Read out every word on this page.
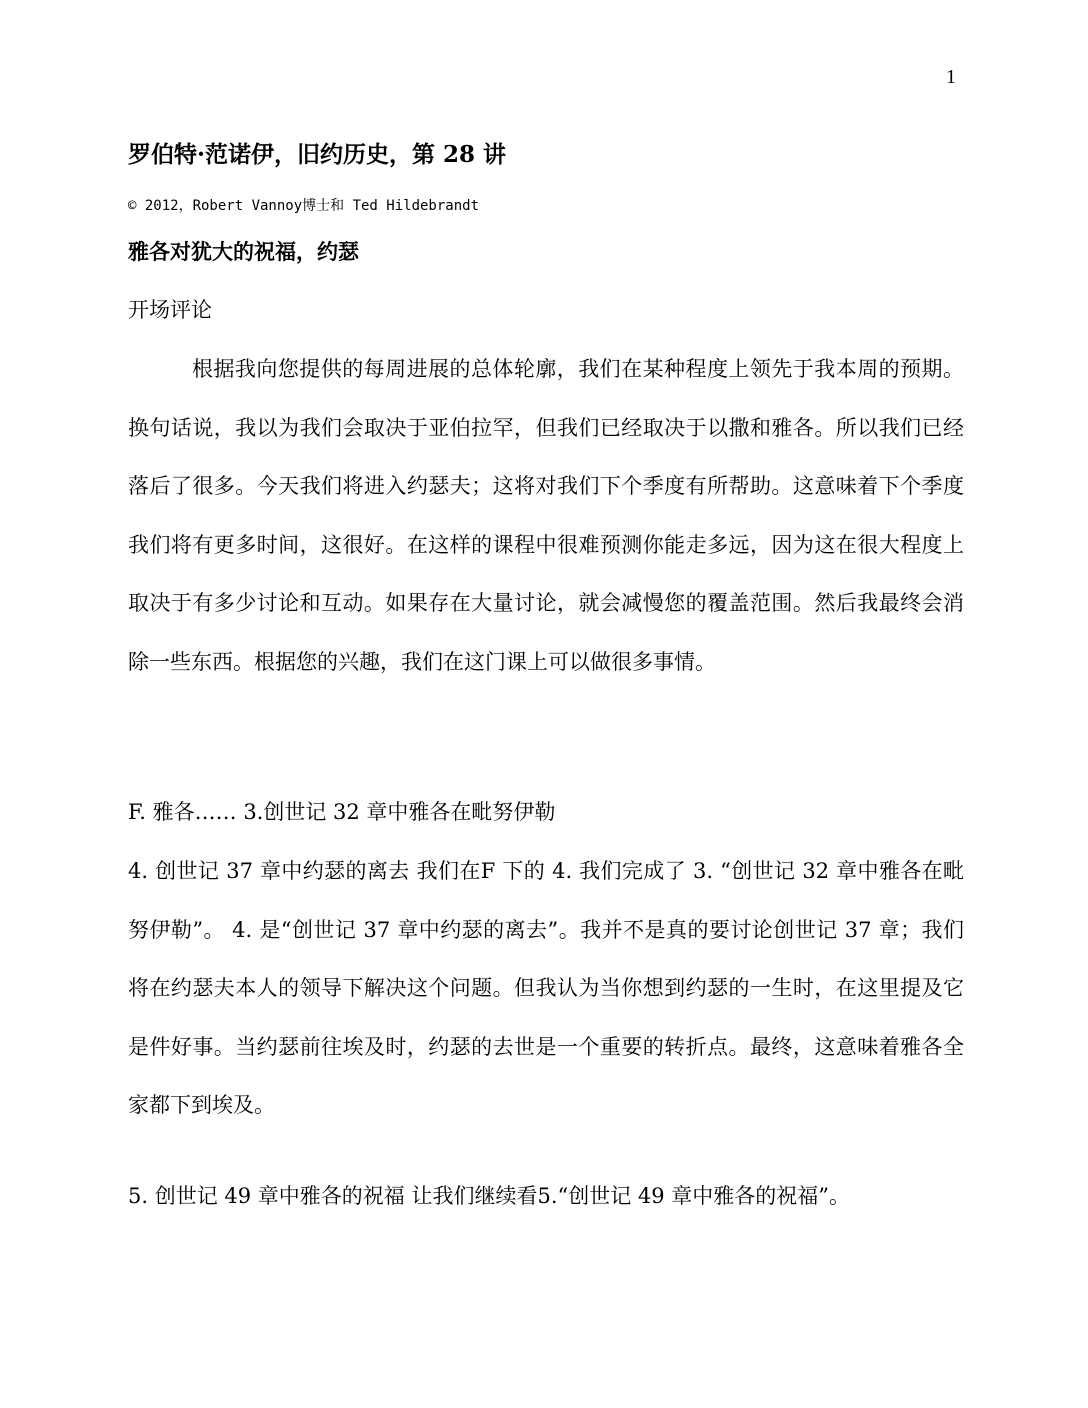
1
罗伯特·范诺伊，旧约历史，第 28 讲
© 2012，Robert Vannoy博士和 Ted Hildebrandt
雅各对犹大的祝福，约瑟
开场评论

根据我向您提供的每周进展的总体轮廓，我们在某种程度上领先于我本周的预期。换句话说，我以为我们会取决于亚伯拉罕，但我们已经取决于以撒和雅各。所以我们已经落后了很多。今天我们将进入约瑟夫；这将对我们下个季度有所帮助。这意味着下个季度我们将有更多时间，这很好。在这样的课程中很难预测你能走多远，因为这在很大程度上取决于有多少讨论和互动。如果存在大量讨论，就会减慢您的覆盖范围。然后我最终会消除一些东西。根据您的兴趣，我们在这门课上可以做很多事情。

F. 雅各…… 3.创世记 32 章中雅各在毗努伊勒

4. 创世记 37 章中约瑟的离去 我们在F 下的 4. 我们完成了 3. “创世记 32 章中雅各在毗努伊勒”。 4. 是“创世记 37 章中约瑟的离去”。我并不是真的要讨论创世记 37 章；我们将在约瑟夫本人的领导下解决这个问题。但我认为当你想到约瑟的一生时，在这里提及它是件好事。当约瑟前往埃及时，约瑟的去世是一个重要的转折点。最终，这意味着雅各全家都下到埃及。

5. 创世记 49 章中雅各的祝福 让我们继续看5.“创世记 49 章中雅各的祝福”。
